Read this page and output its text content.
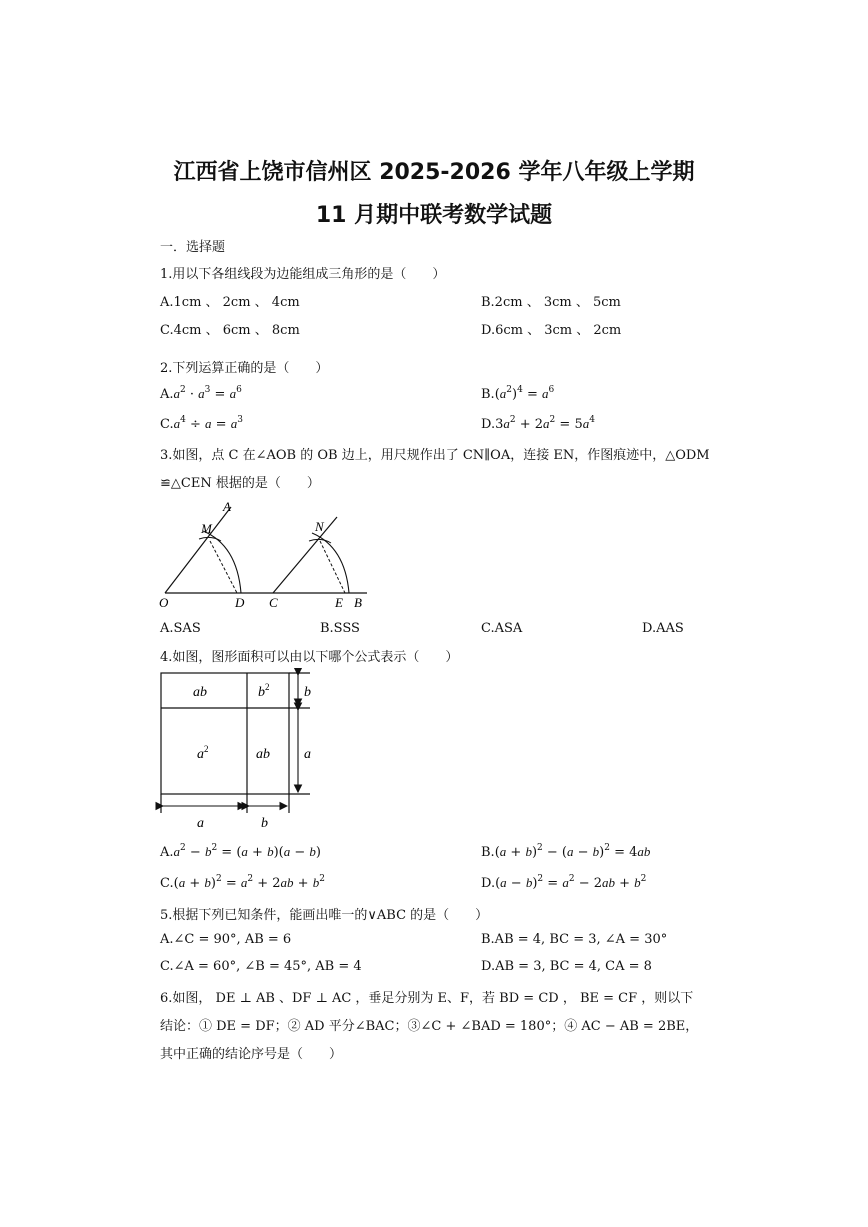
江西省上饶市信州区 2025-2026 学年八年级上学期
11 月期中联考数学试题
一．选择题
1.用以下各组线段为边能组成三角形的是（　　）
A.1cm 、 2cm 、 4cm	B.2cm 、 3cm 、 5cm
C.4cm 、 6cm 、 8cm	D.6cm 、 3cm 、 2cm
2.下列运算正确的是（　　）
$A.a^2 \cdot a^3 = a^6$	$B.(a^2)^4 = a^6$
$C.a^4 \div a = a^3$	$D.3a^2 + 2a^2 = 5a^4$
3.如图，点 C 在∠AOB 的 OB 边上，用尺规作出了 CN∥OA，连接 EN，作图痕迹中，△ODM
≌△CEN 根据的是（　　）
A
M	N
O	D C	E B
A.SAS	B.SSS	C.ASA	D.AAS
4.如图，图形面积可以由以下哪个公式表示（　　）
ab	$b^2$
$a^2$	ab
b
a
a	b
$A.a^2 - b^2 = (a + b)(a - b)$	$B.(a + b)^2 - (a - b)^2 = 4ab$
$C.(a + b)^2 = a^2 + 2ab + b^2$	$D.(a - b)^2 = a^2 - 2ab + b^2$
5.根据下列已知条件，能画出唯一的∨ABC 的是（　　）
A.∠C = 90°, AB = 6	B.AB = 4, BC = 3, ∠A = 30°
C.∠A = 60°, ∠B = 45°, AB = 4	D.AB = 3, BC = 4, CA = 8
6.如图， DE ⊥ AB 、DF ⊥ AC ，垂足分别为 E、F，若 BD = CD ， BE = CF ，则以下
结论：① DE = DF；② AD 平分∠BAC；③∠C + ∠BAD = 180°；④ AC − AB = 2BE，
其中正确的结论序号是（　　）
